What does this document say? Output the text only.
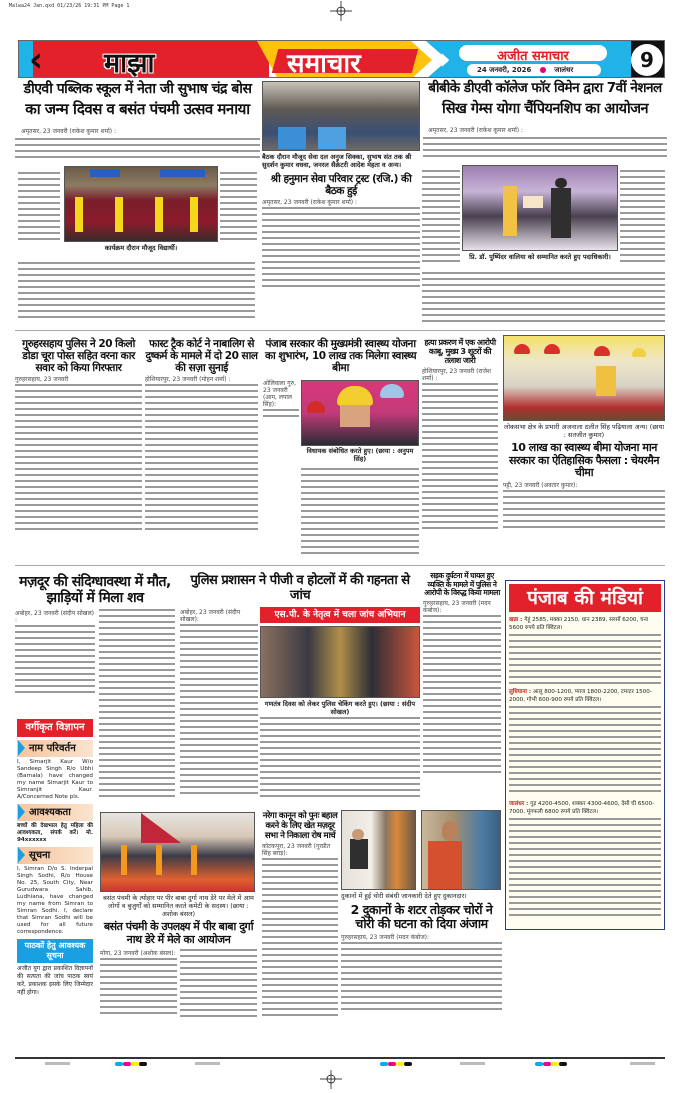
Malwa24 Jan.qxd 01/23/26 19:31 PM Page 1
‹ माझा	समाचार ››	अजीत समाचार
24 जनवरी, 2026	जालंधर	9
डीएवी पब्लिक स्कूल में नेता जी सुभाष चंद्र बोस
का जन्म दिवस व बसंत पंचमी उत्सव मनाया
अमृतसर, 23 जनवरी (राकेश कुमार शर्मा) :
कार्यक्रम दौरान मौजूद विद्यार्थी।
बैठक दौरान मौजूद सेवा दल अनुज सिक्का, सुभाष संत तक श्री सुदर्शन कुमार वधवा, जनरल सैक्रेटरी आदेश मेहता व अन्य।
श्री हनुमान सेवा परिवार ट्रस्ट (रजि.) की बैठक हुई
अमृतसर, 23 जनवरी (राकेश कुमार शर्मा) :
बीबीके डीएवी कॉलेज फॉर विमेन द्वारा 7वीं नेशनल
सिख गेम्स योगा चैंपियनशिप का आयोजन
अमृतसर, 23 जनवरी (राकेश कुमार शर्मा) :
प्रि. डॉ. पुष्पिंदर वालिया को सम्मानित करते हुए पदाधिकारी।
गुरुहरसहाय पुलिस ने 20 किलो डोडा चूरा पोस्त सहित वरना कार सवार को किया गिरफ्तार
गुरुहरसहाय, 23 जनवरी
फास्ट ट्रैक कोर्ट ने नाबालिग से दुष्कर्म के मामले में दो 20 साल की सज़ा सुनाई
होशियारपुर, 23 जनवरी (मोहन शर्मा) :
पंजाब सरकार की मुख्यमंत्री स्वास्थ्य योजना का शुभारंभ, 10 लाख तक मिलेगा स्वास्थ्य बीमा
ओलिवाला गुरु, 23 जनवरी (आम, लपाल सिंह):
विधायक संबोधित करते हुए। (छाया : अनुपम सिंह)
हत्या प्रकरण में एक आरोपी काबू, मुख्य 3 शूटरों की तलाश जारी
होशियारपुर, 23 जनवरी (राजेश शर्मा) :
लोकसभा क्षेत्र के प्रभारी अजनाला ठलीत सिंह पढ़ियाला अन्य। (छाया : सतजीत कुमार)
10 लाख का स्वास्थ्य बीमा योजना मान सरकार का ऐतिहासिक फैसला : चेयरमैन चीमा
पट्टी, 23 जनवरी (अवतार कुमार):
मज़दूर की संदिग्धावस्था में मौत, झाड़ियों में मिला शव
अबोहर, 23 जनवरी (संदीप सोखल) :
वर्गीकृत विज्ञापन
नाम परिवर्तन
I, Simarjit Kaur W/o Sandeep Singh R/o Ubhi (Barnala) have changed my name Simarjit Kaur to Simranjit Kaur. A/Concerned Note pls.
आवश्यकता
बच्चों की देखभाल हेतु महिला की आवश्यकता, संपर्क करें। मो. 94xxxxxx
सूचना
I, Simran D/o S. Inderpal Singh Sodhi, R/o House No. 25, South City, Near Gurudwara Sahib, Ludhiana, have changed my name from Simran to Simran Sodhi. I, declare that Simran Sodhi will be used for all future correspondence.
पाठकों हेतु आवश्यक सूचना
अजीत युग द्वारा प्रकाशित विज्ञापनों की सत्यता की जांच पाठक स्वयं करें, प्रकाशक इसके लिए जिम्मेदार नहीं होगा।
पुलिस प्रशासन ने पीजी व होटलों में की गहनता से जांच
अबोहर, 23 जनवरी (संदीप सोखल):	एस.पी. के नेतृत्व में चला जांच अभियान
गणतंत्र दिवस को लेकर पुलिस चेकिंग करते हुए। (छाया : संदीप सोखल)
सड़क दुर्घटना में घायल हुए व्यक्ति के मामले में पुलिस ने आरोपी के विरुद्ध किया मामला
गुरुहरसहाय, 23 जनवरी (मदन कंबोज):
पंजाब की मंडियां
खन्ना : गेहूं 2585, मक्का 2150, धान 2389, सरसों 6200, चना 5600 रुपये प्रति क्विंटल।
लुधियाना : आलू 800-1200, प्याज 1800-2200, टमाटर 1500-2000, गोभी 600-900 रुपये प्रति क्विंटल।
जालंधर : गुड़ 4200-4500, शक्कर 4300-4600, देसी घी 6500-7000, मूंगफली 6800 रुपये प्रति क्विंटल।
बसंत पंचमी के त्योहार पर पीर बाबा दुर्गा नाथ डेरे पर मेले में आम लोगों व बुजुर्गों को सम्मानित करते कमेटी के सदस्य। (छाया : अशोक बंसल)
बसंत पंचमी के उपलक्ष्य में पीर बाबा दुर्गा नाथ डेरे में मेले का आयोजन
मोगा, 23 जनवरी (अशोक बंसल):
नरेगा कानून को पुनः बहाल करने के लिए खेत मज़दूर सभा ने निकाला रोष मार्च
कोटकपूरा, 23 जनवरी (गुरप्रीत सिंह बराड़):
दुकानों में हुई चोरी संबंधी जानकारी देते हुए दुकानदार।
2 दुकानों के शटर तोड़कर चोरों ने चोरी की घटना को दिया अंजाम
गुरुहरसहाय, 23 जनवरी (मदन कंबोज):
